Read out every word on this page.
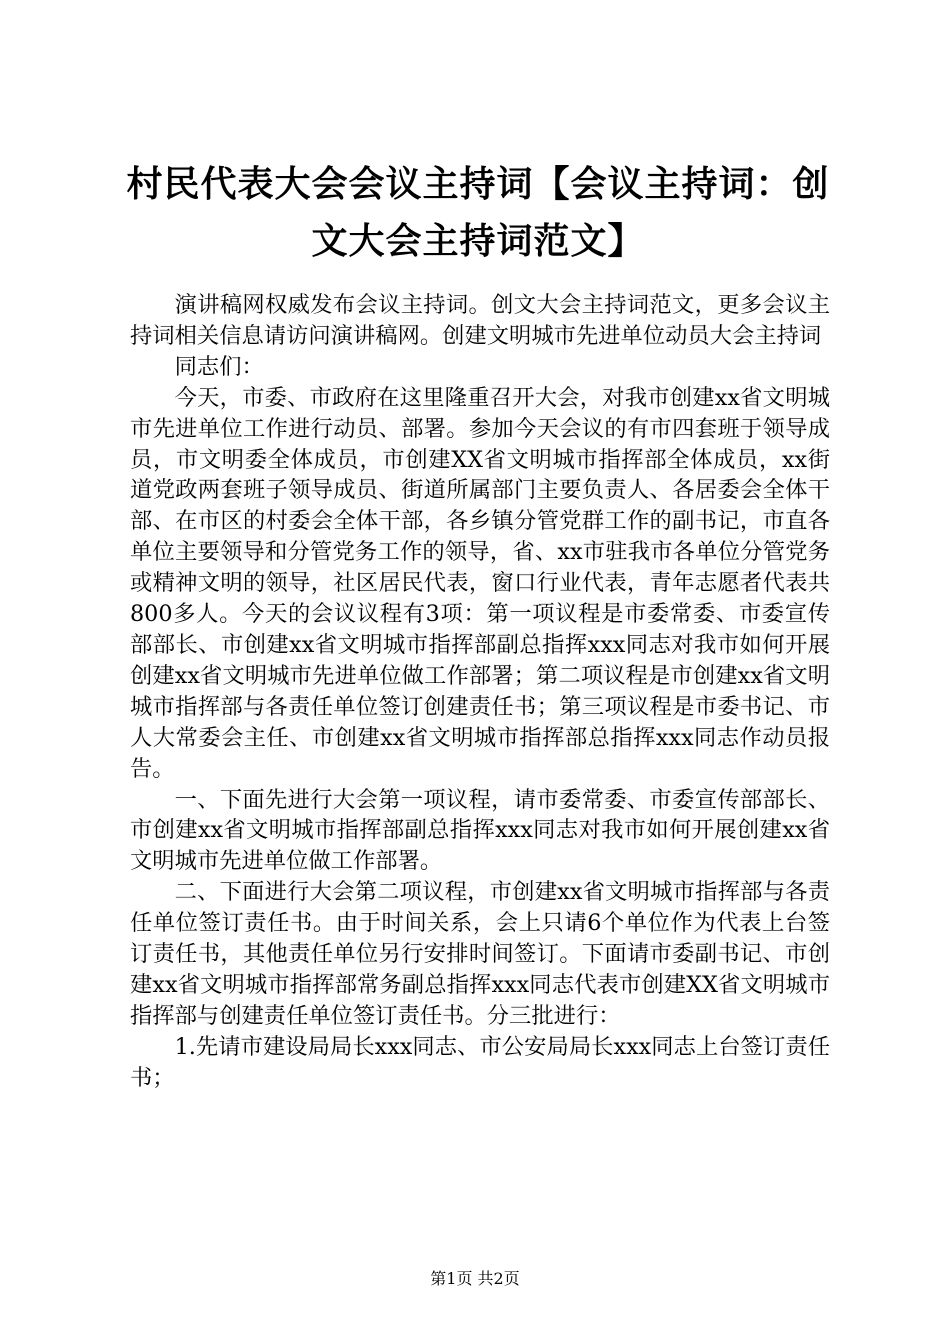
村民代表大会会议主持词【会议主持词：创文大会主持词范文】

演讲稿网权威发布会议主持词。创文大会主持词范文，更多会议主持词相关信息请访问演讲稿网。创建文明城市先进单位动员大会主持词

同志们：

今天，市委、市政府在这里隆重召开大会，对我市创建xx省文明城市先进单位工作进行动员、部署。参加今天会议的有市四套班于领导成员，市文明委全体成员，市创建XX省文明城市指挥部全体成员，xx街道党政两套班子领导成员、街道所属部门主要负责人、各居委会全体干部、在市区的村委会全体干部，各乡镇分管党群工作的副书记，市直各单位主要领导和分管党务工作的领导，省、xx市驻我市各单位分管党务或精神文明的领导，社区居民代表，窗口行业代表，青年志愿者代表共800多人。今天的会议议程有3项：第一项议程是市委常委、市委宣传部部长、市创建xx省文明城市指挥部副总指挥xxx同志对我市如何开展创建xx省文明城市先进单位做工作部署；第二项议程是市创建xx省文明城市指挥部与各责任单位签订创建责任书；第三项议程是市委书记、市人大常委会主任、市创建xx省文明城市指挥部总指挥xxx同志作动员报告。

一、下面先进行大会第一项议程，请市委常委、市委宣传部部长、市创建xx省文明城市指挥部副总指挥xxx同志对我市如何开展创建xx省文明城市先进单位做工作部署。

二、下面进行大会第二项议程，市创建xx省文明城市指挥部与各责任单位签订责任书。由于时间关系，会上只请6个单位作为代表上台签订责任书，其他责任单位另行安排时间签订。下面请市委副书记、市创建xx省文明城市指挥部常务副总指挥xxx同志代表市创建XX省文明城市指挥部与创建责任单位签订责任书。分三批进行：

1.先请市建设局局长xxx同志、市公安局局长xxx同志上台签订责任书；

第1页 共2页
